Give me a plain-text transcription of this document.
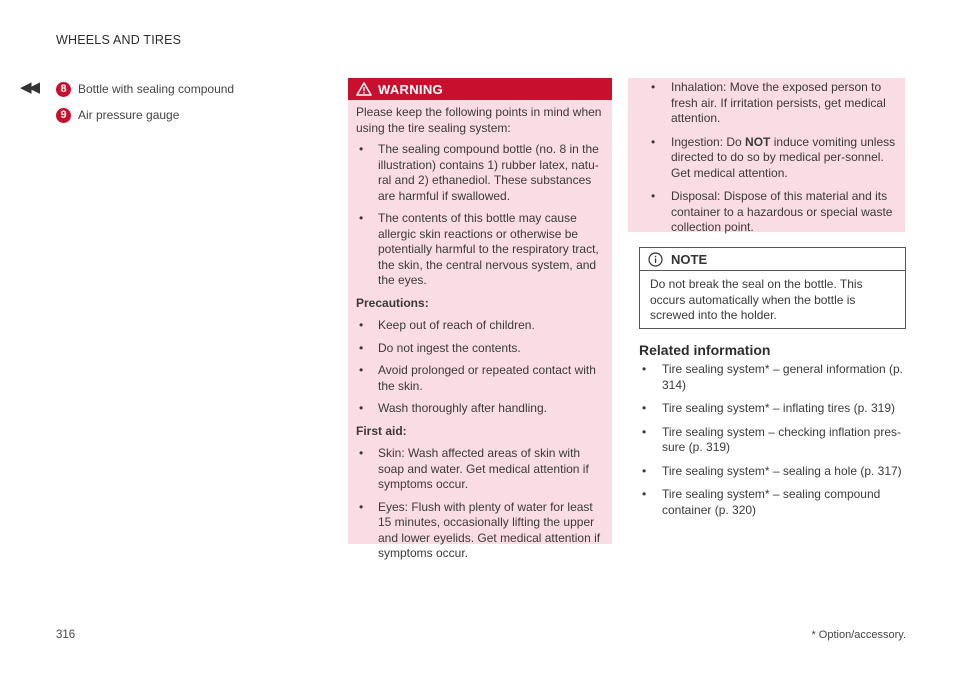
WHEELS AND TIRES
◀◀	8 Bottle with sealing compound
9 Air pressure gauge
WARNING

Please keep the following points in mind when using the tire sealing system:

• The sealing compound bottle (no. 8 in the illustration) contains 1) rubber latex, natu-ral and 2) ethanediol. These substances are harmful if swallowed.
• The contents of this bottle may cause allergic skin reactions or otherwise be potentially harmful to the respiratory tract, the skin, the central nervous system, and the eyes.
Precautions:
• Keep out of reach of children.
• Do not ingest the contents.
• Avoid prolonged or repeated contact with the skin.
• Wash thoroughly after handling.
First aid:
• Skin: Wash affected areas of skin with soap and water. Get medical attention if symptoms occur.
• Eyes: Flush with plenty of water for least 15 minutes, occasionally lifting the upper and lower eyelids. Get medical attention if symptoms occur.
• Inhalation: Move the exposed person to fresh air. If irritation persists, get medical attention.
• Ingestion: Do NOT induce vomiting unless directed to do so by medical per-sonnel. Get medical attention.
• Disposal: Dispose of this material and its container to a hazardous or special waste collection point.
NOTE
Do not break the seal on the bottle. This occurs automatically when the bottle is screwed into the holder.
Related information
• Tire sealing system* – general information (p. 314)
• Tire sealing system* – inflating tires (p. 319)
• Tire sealing system – checking inflation pres-sure (p. 319)
• Tire sealing system* – sealing a hole (p. 317)
• Tire sealing system* – sealing compound container (p. 320)
316	* Option/accessory.
